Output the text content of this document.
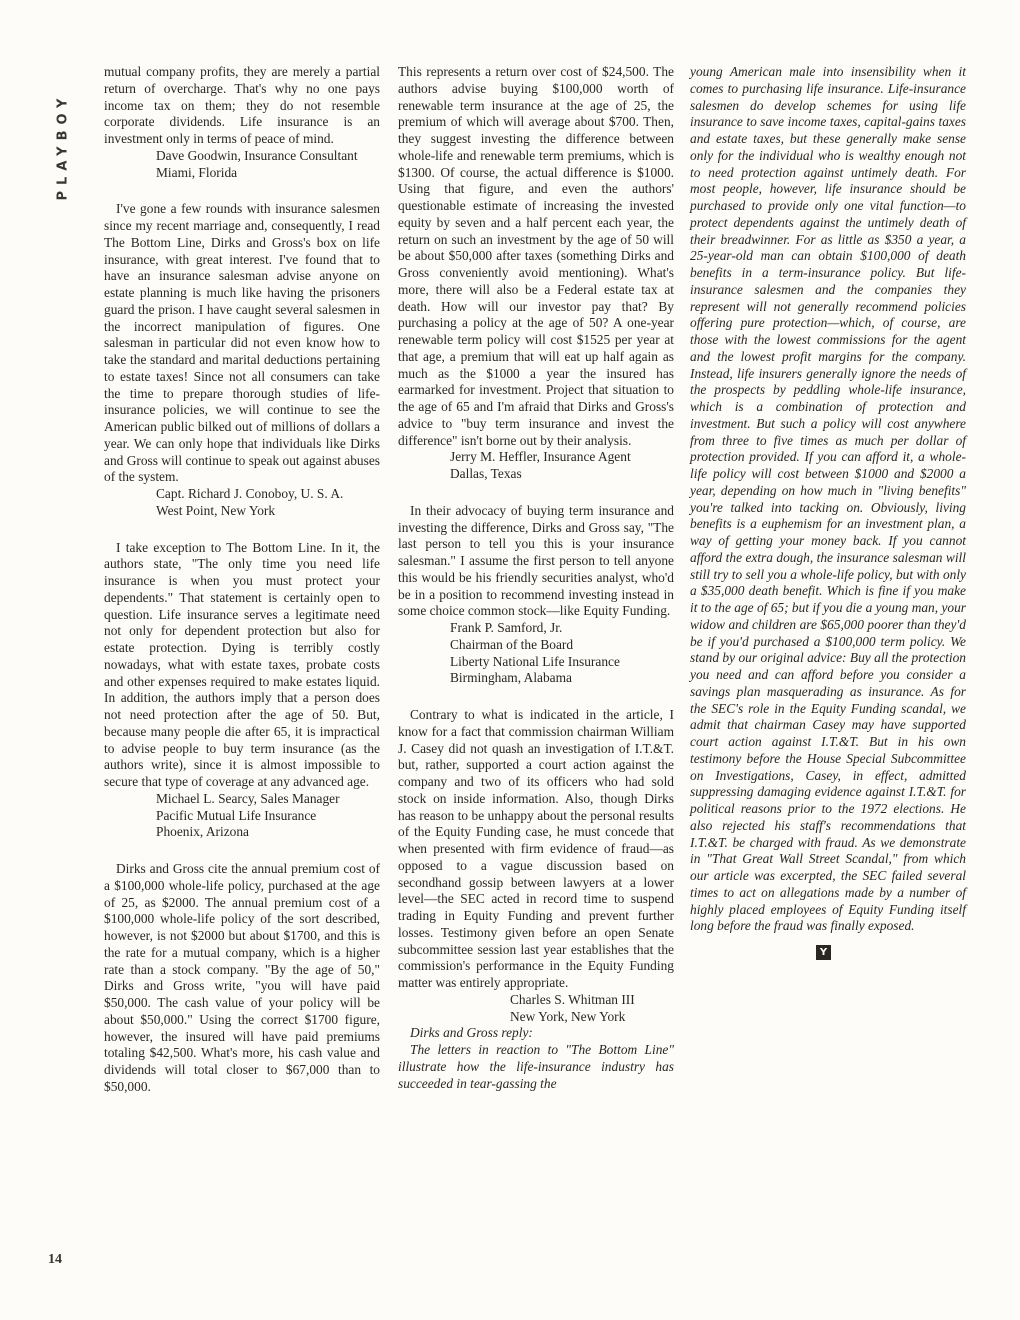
PLAYBOY

mutual company profits, they are merely a partial return of overcharge. That's why no one pays income tax on them; they do not resemble corporate dividends. Life insurance is an investment only in terms of peace of mind.

Dave Goodwin, Insurance Consultant
Miami, Florida

I've gone a few rounds with insurance salesmen since my recent marriage and, consequently, I read The Bottom Line, Dirks and Gross's box on life insurance, with great interest. I've found that to have an insurance salesman advise anyone on estate planning is much like having the prisoners guard the prison. I have caught several salesmen in the incorrect manipulation of figures. One salesman in particular did not even know how to take the standard and marital deductions pertaining to estate taxes! Since not all consumers can take the time to prepare thorough studies of life-insurance policies, we will continue to see the American public bilked out of millions of dollars a year. We can only hope that individuals like Dirks and Gross will continue to speak out against abuses of the system.

Capt. Richard J. Conoboy, U. S. A.
West Point, New York

I take exception to The Bottom Line. In it, the authors state, "The only time you need life insurance is when you must protect your dependents." That statement is certainly open to question. Life insurance serves a legitimate need not only for dependent protection but also for estate protection. Dying is terribly costly nowadays, what with estate taxes, probate costs and other expenses required to make estates liquid. In addition, the authors imply that a person does not need protection after the age of 50. But, because many people die after 65, it is impractical to advise people to buy term insurance (as the authors write), since it is almost impossible to secure that type of coverage at any advanced age.

Michael L. Searcy, Sales Manager
Pacific Mutual Life Insurance
Phoenix, Arizona

Dirks and Gross cite the annual premium cost of a $100,000 whole-life policy, purchased at the age of 25, as $2000. The annual premium cost of a $100,000 whole-life policy of the sort described, however, is not $2000 but about $1700, and this is the rate for a mutual company, which is a higher rate than a stock company. "By the age of 50," Dirks and Gross write, "you will have paid $50,000. The cash value of your policy will be about $50,000." Using the correct $1700 figure, however, the insured will have paid premiums totaling $42,500. What's more, his cash value and dividends will total closer to $67,000 than to $50,000.

This represents a return over cost of $24,500. The authors advise buying $100,000 worth of renewable term insurance at the age of 25, the premium of which will average about $700. Then, they suggest investing the difference between whole-life and renewable term premiums, which is $1300. Of course, the actual difference is $1000. Using that figure, and even the authors' questionable estimate of increasing the invested equity by seven and a half percent each year, the return on such an investment by the age of 50 will be about $50,000 after taxes (something Dirks and Gross conveniently avoid mentioning). What's more, there will also be a Federal estate tax at death. How will our investor pay that? By purchasing a policy at the age of 50? A one-year renewable term policy will cost $1525 per year at that age, a premium that will eat up half again as much as the $1000 a year the insured has earmarked for investment. Project that situation to the age of 65 and I'm afraid that Dirks and Gross's advice to "buy term insurance and invest the difference" isn't borne out by their analysis.

Jerry M. Heffler, Insurance Agent
Dallas, Texas

In their advocacy of buying term insurance and investing the difference, Dirks and Gross say, "The last person to tell you this is your insurance salesman." I assume the first person to tell anyone this would be his friendly securities analyst, who'd be in a position to recommend investing instead in some choice common stock—like Equity Funding.

Frank P. Samford, Jr.
Chairman of the Board
Liberty National Life Insurance
Birmingham, Alabama

Contrary to what is indicated in the article, I know for a fact that commission chairman William J. Casey did not quash an investigation of I.T.&T. but, rather, supported a court action against the company and two of its officers who had sold stock on inside information. Also, though Dirks has reason to be unhappy about the personal results of the Equity Funding case, he must concede that when presented with firm evidence of fraud—as opposed to a vague discussion based on secondhand gossip between lawyers at a lower level—the SEC acted in record time to suspend trading in Equity Funding and prevent further losses. Testimony given before an open Senate subcommittee session last year establishes that the commission's performance in the Equity Funding matter was entirely appropriate.

Charles S. Whitman III
New York, New York

Dirks and Gross reply:

The letters in reaction to "The Bottom Line" illustrate how the life-insurance industry has succeeded in tear-gassing the

young American male into insensibility when it comes to purchasing life insurance. Life-insurance salesmen do develop schemes for using life insurance to save income taxes, capital-gains taxes and estate taxes, but these generally make sense only for the individual who is wealthy enough not to need protection against untimely death. For most people, however, life insurance should be purchased to provide only one vital function—to protect dependents against the untimely death of their breadwinner. For as little as $350 a year, a 25-year-old man can obtain $100,000 of death benefits in a term-insurance policy. But life-insurance salesmen and the companies they represent will not generally recommend policies offering pure protection—which, of course, are those with the lowest commissions for the agent and the lowest profit margins for the company. Instead, life insurers generally ignore the needs of the prospects by peddling whole-life insurance, which is a combination of protection and investment. But such a policy will cost anywhere from three to five times as much per dollar of protection provided. If you can afford it, a whole-life policy will cost between $1000 and $2000 a year, depending on how much in "living benefits" you're talked into tacking on. Obviously, living benefits is a euphemism for an investment plan, a way of getting your money back. If you cannot afford the extra dough, the insurance salesman will still try to sell you a whole-life policy, but with only a $35,000 death benefit. Which is fine if you make it to the age of 65; but if you die a young man, your widow and children are $65,000 poorer than they'd be if you'd purchased a $100,000 term policy. We stand by our original advice: Buy all the protection you need and can afford before you consider a savings plan masquerading as insurance. As for the SEC's role in the Equity Funding scandal, we admit that chairman Casey may have supported court action against I.T.&T. But in his own testimony before the House Special Subcommittee on Investigations, Casey, in effect, admitted suppressing damaging evidence against I.T.&T. for political reasons prior to the 1972 elections. He also rejected his staff's recommendations that I.T.&T. be charged with fraud. As we demonstrate in "That Great Wall Street Scandal," from which our article was excerpted, the SEC failed several times to act on allegations made by a number of highly placed employees of Equity Funding itself long before the fraud was finally exposed.

Y
14
